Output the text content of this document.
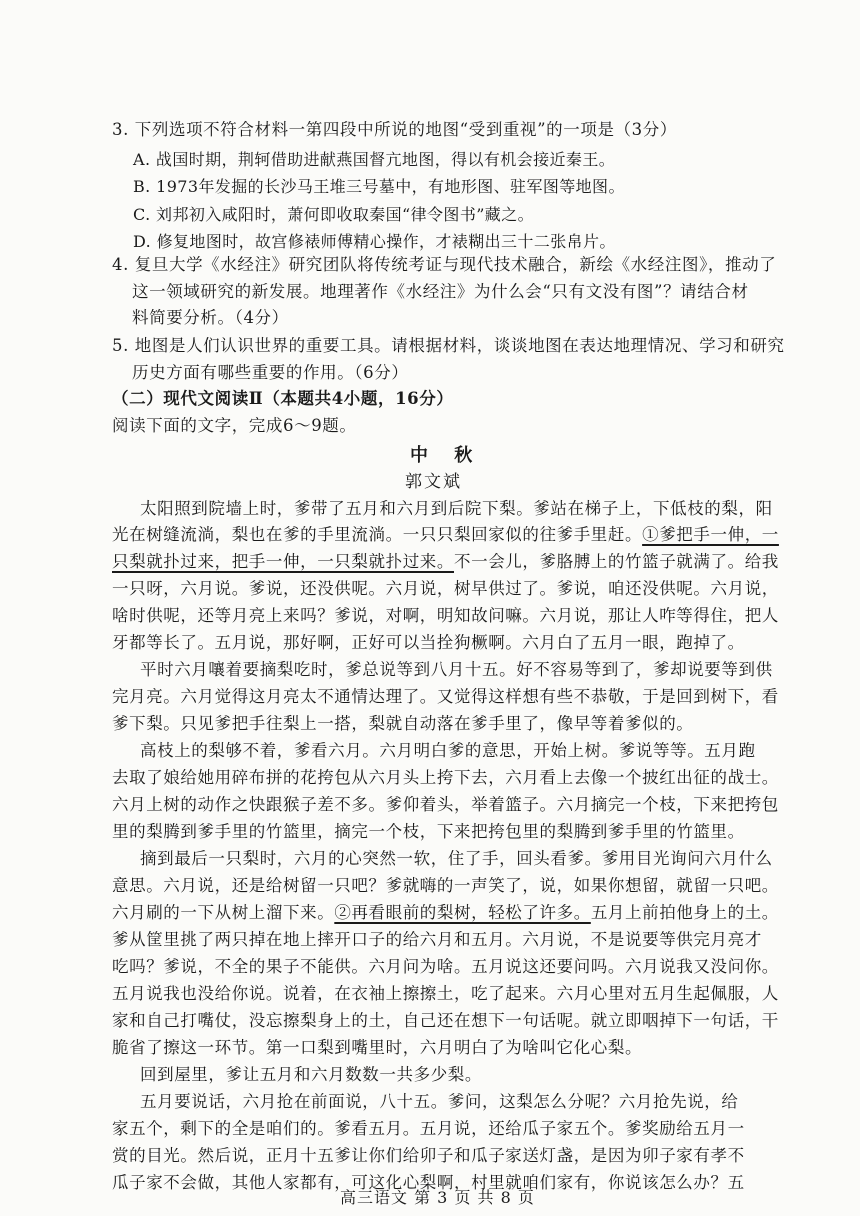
3. 下列选项不符合材料一第四段中所说的地图“受到重视”的一项是（3分）
A. 战国时期，荆轲借助进献燕国督亢地图，得以有机会接近秦王。
B. 1973年发掘的长沙马王堆三号墓中，有地形图、驻军图等地图。
C. 刘邦初入咸阳时，萧何即收取秦国“律令图书”藏之。
D. 修复地图时，故宫修裱师傅精心操作，才裱糊出三十二张帛片。
4. 复旦大学《水经注》研究团队将传统考证与现代技术融合，新绘《水经注图》，推动了
这一领域研究的新发展。地理著作《水经注》为什么会“只有文没有图”？请结合材
料简要分析。（4分）
5. 地图是人们认识世界的重要工具。请根据材料，谈谈地图在表达地理情况、学习和研究
历史方面有哪些重要的作用。（6分）
（二）现代文阅读Ⅱ（本题共4小题，16分）
阅读下面的文字，完成6～9题。
中 秋
郭文斌
太阳照到院墙上时，爹带了五月和六月到后院下梨。爹站在梯子上，下低枝的梨，阳
光在树缝流淌，梨也在爹的手里流淌。一只只梨回家似的往爹手里赶。①爹把手一伸，一
只梨就扑过来，把手一伸，一只梨就扑过来。不一会儿，爹胳膊上的竹篮子就满了。给我
一只呀，六月说。爹说，还没供呢。六月说，树早供过了。爹说，咱还没供呢。六月说，
啥时供呢，还等月亮上来吗？爹说，对啊，明知故问嘛。六月说，那让人咋等得住，把人
牙都等长了。五月说，那好啊，正好可以当拴狗橛啊。六月白了五月一眼，跑掉了。
平时六月嚷着要摘梨吃时，爹总说等到八月十五。好不容易等到了，爹却说要等到供
完月亮。六月觉得这月亮太不通情达理了。又觉得这样想有些不恭敬，于是回到树下，看
爹下梨。只见爹把手往梨上一搭，梨就自动落在爹手里了，像早等着爹似的。
高枝上的梨够不着，爹看六月。六月明白爹的意思，开始上树。爹说等等。五月跑
去取了娘给她用碎布拼的花挎包从六月头上挎下去，六月看上去像一个披红出征的战士。
六月上树的动作之快跟猴子差不多。爹仰着头，举着篮子。六月摘完一个枝，下来把挎包
里的梨腾到爹手里的竹篮里，摘完一个枝，下来把挎包里的梨腾到爹手里的竹篮里。
摘到最后一只梨时，六月的心突然一软，住了手，回头看爹。爹用目光询问六月什么
意思。六月说，还是给树留一只吧？爹就嗨的一声笑了，说，如果你想留，就留一只吧。
六月刷的一下从树上溜下来。②再看眼前的梨树，轻松了许多。五月上前拍他身上的土。
爹从筐里挑了两只掉在地上摔开口子的给六月和五月。六月说，不是说要等供完月亮才
吃吗？爹说，不全的果子不能供。六月问为啥。五月说这还要问吗。六月说我又没问你。
五月说我也没给你说。说着，在衣袖上擦擦土，吃了起来。六月心里对五月生起佩服，人
家和自己打嘴仗，没忘擦梨身上的土，自己还在想下一句话呢。就立即咽掉下一句话，干
脆省了擦这一环节。第一口梨到嘴里时，六月明白了为啥叫它化心梨。
回到屋里，爹让五月和六月数数一共多少梨。
五月要说话，六月抢在前面说，八十五。爹问，这梨怎么分呢？六月抢先说，给
家五个，剩下的全是咱们的。爹看五月。五月说，还给瓜子家五个。爹奖励给五月一
赏的目光。然后说，正月十五爹让你们给卯子和瓜子家送灯盏，是因为卯子家有孝不
瓜子家不会做，其他人家都有，可这化心梨啊，村里就咱们家有，你说该怎么办？五
高三语文 第 3 页 共 8 页
